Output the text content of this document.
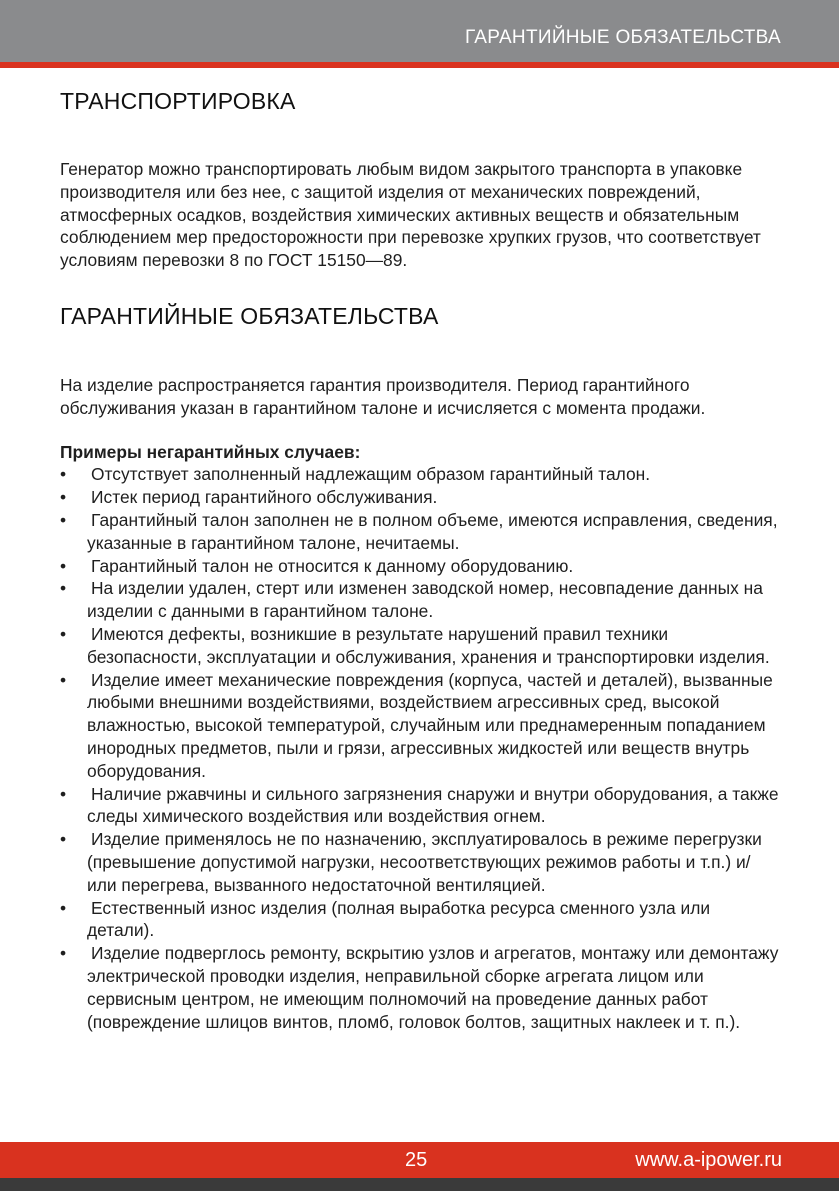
ГАРАНТИЙНЫЕ ОБЯЗАТЕЛЬСТВА
ТРАНСПОРТИРОВКА

Генератор можно транспортировать любым видом закрытого транспорта в упаковке производителя или без нее, с защитой изделия от механических повреждений, атмосферных осадков, воздействия химических активных веществ и обязательным соблюдением мер предосторожности при перевозке хрупких грузов, что соответствует условиям перевозки 8 по ГОСТ 15150—89.

ГАРАНТИЙНЫЕ ОБЯЗАТЕЛЬСТВА

На изделие распространяется гарантия производителя. Период гарантийного обслуживания указан в гарантийном талоне и исчисляется с момента продажи.

Примеры негарантийных случаев:
• Отсутствует заполненный надлежащим образом гарантийный талон.
• Истек период гарантийного обслуживания.
• Гарантийный талон заполнен не в полном объеме, имеются исправления, сведения, указанные в гарантийном талоне, нечитаемы.
• Гарантийный талон не относится к данному оборудованию.
• На изделии удален, стерт или изменен заводской номер, несовпадение данных на изделии с данными в гарантийном талоне.
• Имеются дефекты, возникшие в результате нарушений правил техники безопасности, эксплуатации и обслуживания, хранения и транспортировки изделия.
• Изделие имеет механические повреждения (корпуса, частей и деталей), вызванные любыми внешними воздействиями, воздействием агрессивных сред, высокой влажностью, высокой температурой, случайным или преднамеренным попаданием инородных предметов, пыли и грязи, агрессивных жидкостей или веществ внутрь оборудования.
• Наличие ржавчины и сильного загрязнения снаружи и внутри оборудования, а также следы химического воздействия или воздействия огнем.
• Изделие применялось не по назначению, эксплуатировалось в режиме перегрузки (превышение допустимой нагрузки, несоответствующих режимов работы и т.п.) и/или перегрева, вызванного недостаточной вентиляцией.
• Естественный износ изделия (полная выработка ресурса сменного узла или детали).
• Изделие подверглось ремонту, вскрытию узлов и агрегатов, монтажу или демонтажу электрической проводки изделия, неправильной сборке агрегата лицом или сервисным центром, не имеющим полномочий на проведение данных работ (повреждение шлицов винтов, пломб, головок болтов, защитных наклеек и т. п.).
25	www.a-ipower.ru
